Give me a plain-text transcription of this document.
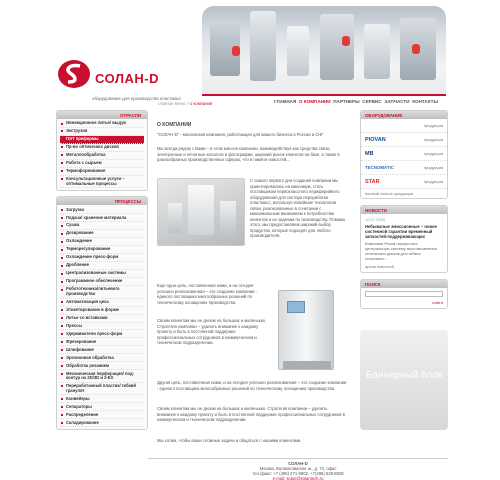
СОЛАН-D
оборудование для производства пластмасс
ГЛАВНАЯ О КОМПАНИИ ПАРТНЕРЫ СЕРВИС ЗАПЧАСТИ КОНТАКТЫ
главное меню > о компании
ОТРАСЛИ
Инжекционное литье/ выдув
Экструзия
ПЭТ преформы
Пр-во оптических дисков
Металлообработка
Работа с сырьем
Термоформование
Консультационные услуги – оптимальные процессы
ПРОЦЕССЫ
Загрузка
Подача/ хранение материала
Сушка
Дозирование
Охлаждение
Терморегулирование
Охлаждение пресс-форм
Дробление
Централизованные системы
Программное обеспечение
Робототехника/литьевого производства
Автоматизация цеха
Этикетирование в форме
Литье со вставками
Прессы
Удерживатели пресс-форм
Фрезерование
Шлифование
Эрозионная обработка
Обработка резанием
Механическая перфорация/ под-контур на 2D/3D и 2-ЕХ
Переработанный пластик/ гибкий гранулят
Конвейеры
Сепараторы
Распределение
Складирование
О КОМПАНИИ
"СОЛАН-D" - московская компания, работающая для вашего бизнеса в России и СНГ
Мы всегда рядом с Вами – в этом миссия компании, взаимодействуя как средства связи, электронные и печатные каталоги и фотографии, широкий рынок клиентов на базе, а также в разнообразных производственных сферах, что в памяти новостей...
С самого первого дня создания компании мы ориентировались на максимум, стать поставщиком первоклассного периферийного оборудования для сектора переработки пластмасс, используя новейшие технологии связи, реализованные в сочетании с максимальным вниманием к потребностям клиентов и их задачам по производству. Помимо этого, мы предоставляем широкий выбор продуктов, которые подходят для любого производителя.
Еще одна цель, поставленная нами, и на сегодня успешно реализованная – это создание компании - единого поставщика многообразных решений по техническому оснащению производства.
Своим клиентам мы не делим на больших и маленьких. Стратегия компании – удалить внимание к каждому проекту и быть в постоянной поддержке профессиональных сотрудников в коммерческом и техническом подразделении.
Другая цель, поставленная нами, и на сегодня успешно реализованная – это создание компании - единого поставщика многообразных решений по техническому оснащению производства.
Своим клиентам мы не делим на больших и маленьких. Стратегия компании – удалить внимание к каждому проекту и быть в постоянной поддержке профессиональных сотрудников в коммерческом и техническом подразделении.
Мы хотим, чтобы ваши сложные задачи и общаться с нашими клиентами.
ОБОРУДОВАНИЕ
продукция
PIOVAN	продукция
MB	продукция
TECNOMATIC	продукция
STAR	продукция
полный список продукции
НОВОСТИ
10.07.2009
Небывалые эмиссионные – новое системной гарантии временный запчастей-поддерживающих
Компания Piovan выпустила центральную систему восстановления оптических дисков для гибких пластмасс...
архив новостей
ПОИСК
найти
Баннерный блок
СОЛАН-D
Москва, Волоколамское ш., д. 73, офис
тел./факс: +7 (495) 271-9902, +7(495) 628-8928
e-mail: solan@solantech.ru
